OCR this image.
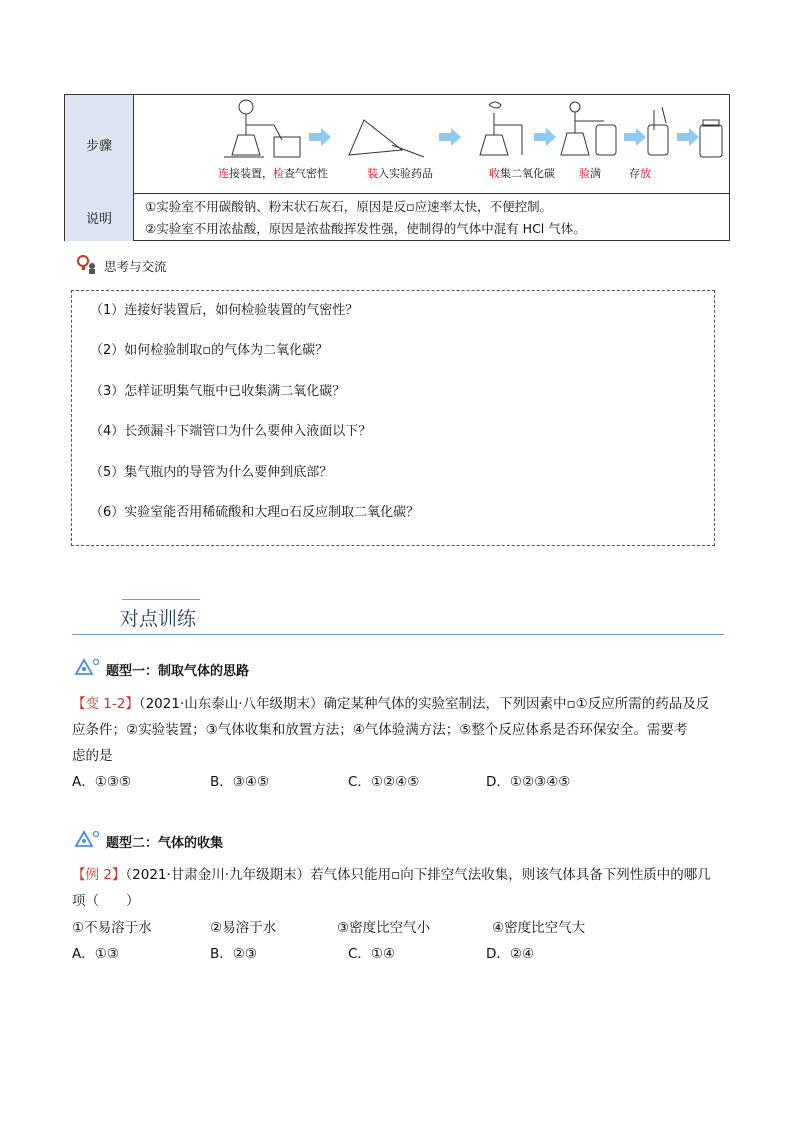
步骤
连接装置，检查气密性	装入实验药品	收集二氧化碳 验满	存放
说明
①实验室不用碳酸钠、粉末状石灰石，原因是反▫应速率太快，不便控制。
②实验室不用浓盐酸，原因是浓盐酸挥发性强，使制得的气体中混有 HCl 气体。
思考与交流
（1）连接好装置后，如何检验装置的气密性？
（2）如何检验制取▫的气体为二氧化碳？
（3）怎样证明集气瓶中已收集满二氧化碳？
（4）长颈漏斗下端管口为什么要伸入液面以下？
（5）集气瓶内的导管为什么要伸到底部？
（6）实验室能否用稀硫酸和大理▫石反应制取二氧化碳？
对点训练
题型一：制取气体的思路
【变 1-2】（2021·山东泰山·八年级期末）确定某种气体的实验室制法，下列因素中▫①反应所需的药品及反
应条件；②实验装置；③气体收集和放置方法；④气体验满方法；⑤整个反应体系是否环保安全。需要考
虑的是
A．①③⑤	B．③④⑤	C．①②④⑤	D．①②③④⑤
题型二：气体的收集
【例 2】（2021·甘肃金川·九年级期末）若气体只能用▫向下排空气法收集，则该气体具备下列性质中的哪几
项（　　）
①不易溶于水	②易溶于水	③密度比空气小	④密度比空气大
A．①③	B．②③	C．①④	D．②④
